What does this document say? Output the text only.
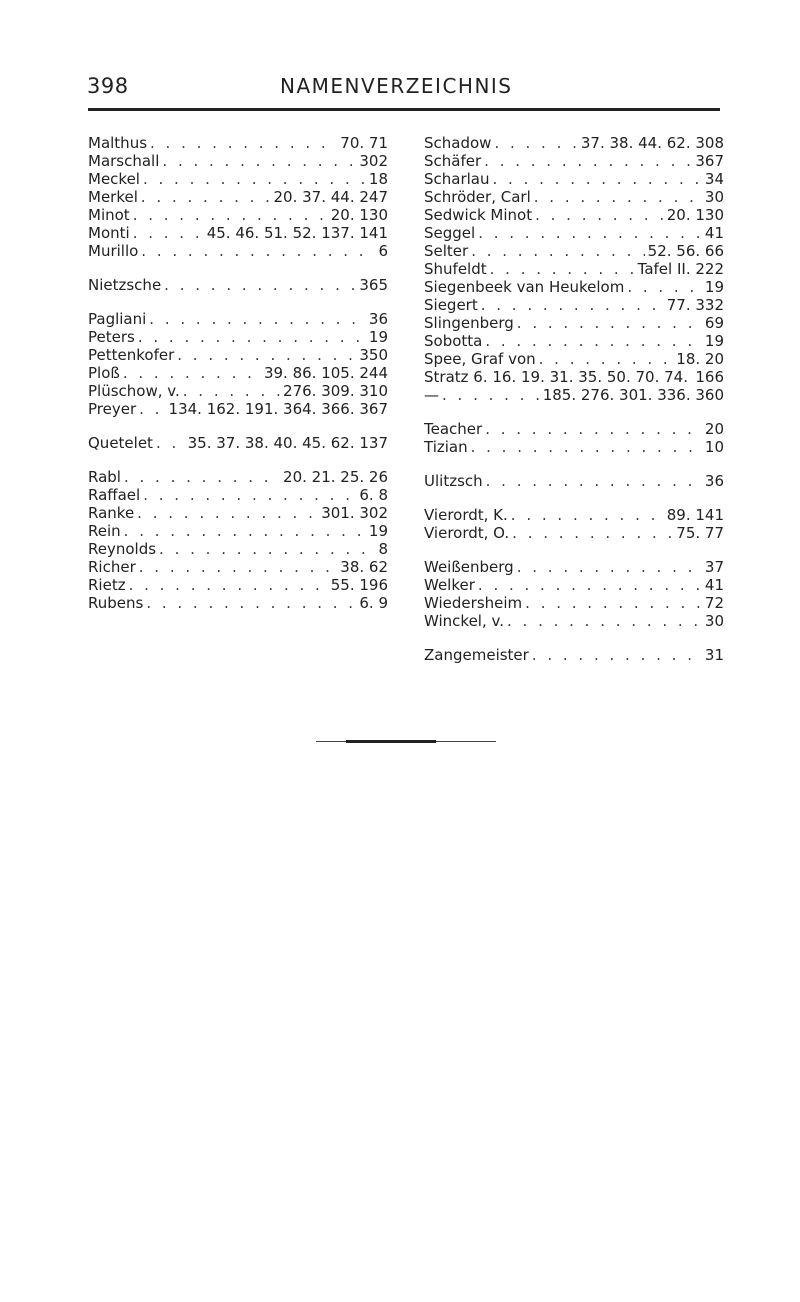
398	NAMENVERZEICHNIS
Malthus . . .	70. 71
Marschall . . .	302
Meckel . . .	18
Merkel . . .	20. 37. 44. 247
Minot . . .	20. 130
Monti . . .	45. 46. 51. 52. 137. 141
Murillo . . .	6
Nietzsche . . .	365
Pagliani . . .	36
Peters . . .	19
Pettenkofer . . .	350
Ploß . . .	39. 86. 105. 244
Plüschow, v. . . .	276. 309. 310
Preyer . . . 134. 162. 191. 364. 366. 367
Quetelet . . . 35. 37. 38. 40. 45. 62. 137
Rabl . . .	20. 21. 25. 26
Raffael . . .	6. 8
Ranke . . .	301. 302
Rein . . .	19
Reynolds . . .	8
Richer . . .	38. 62
Rietz . . .	55. 196
Rubens . . .	6. 9
Schadow . . .	37. 38. 44. 62. 308
Schäfer . . .	367
Scharlau . . .	34
Schröder, Carl . . .	30
Sedwick Minot . . .	20. 130
Seggel . . .	41
Selter . . .	52. 56. 66
Shufeldt . . .	Tafel II. 222
Siegenbeek van Heukelom . . .	19
Siegert . . .	77. 332
Slingenberg . . .	69
Sobotta . . .	19
Spee, Graf von . . .	18. 20
Stratz 6. 16. 19. 31. 35. 50. 70. 74. . . . 166
— . . .	185. 276. 301. 336. 360
Teacher . . .	20
Tizian . . .	10
Ulitzsch . . .	36
Vierordt, K. . . .	89. 141
Vierordt, O. . . .	75. 77
Weißenberg . . .	37
Welker . . .	41
Wiedersheim . . .	72
Winckel, v. . . .	30
Zangemeister . . .	31
